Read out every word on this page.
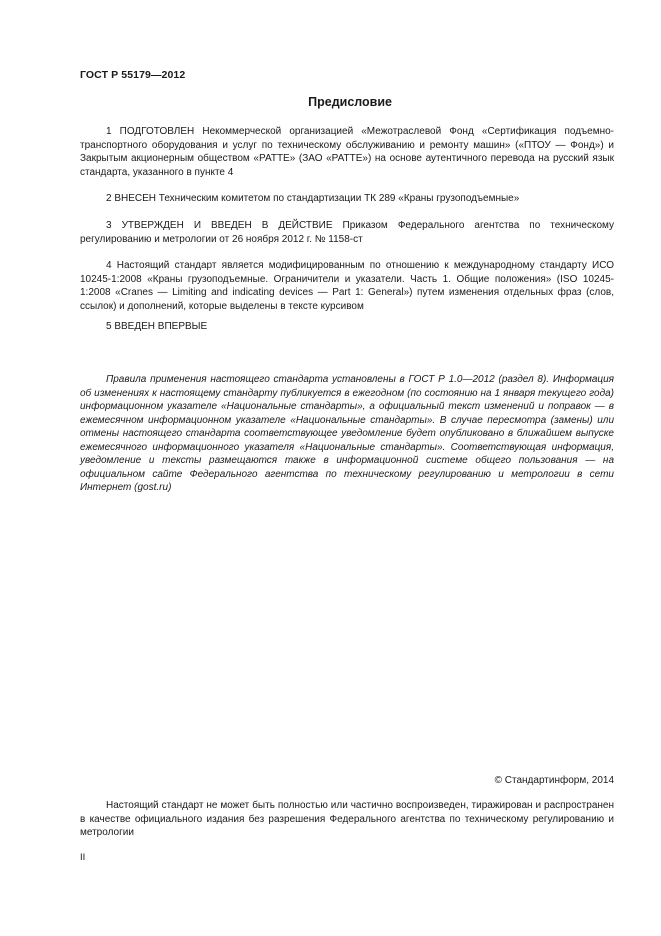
ГОСТ Р 55179—2012
Предисловие

1 ПОДГОТОВЛЕН Некоммерческой организацией «Межотраслевой Фонд «Сертификация подъемно-транспортного оборудования и услуг по техническому обслуживанию и ремонту машин» («ПТОУ — Фонд») и Закрытым акционерным обществом «РАТТЕ» (ЗАО «РАТТЕ») на основе аутентичного перевода на русский язык стандарта, указанного в пункте 4

2 ВНЕСЕН Техническим комитетом по стандартизации ТК 289 «Краны грузоподъемные»

3 УТВЕРЖДЕН И ВВЕДЕН В ДЕЙСТВИЕ Приказом Федерального агентства по техническому регулированию и метрологии от 26 ноября 2012 г. № 1158-ст

4 Настоящий стандарт является модифицированным по отношению к международному стандарту ИСО 10245-1:2008 «Краны грузоподъемные. Ограничители и указатели. Часть 1. Общие положения» (ISO 10245-1:2008 «Cranes — Limiting and indicating devices — Part 1: General») путем изменения отдельных фраз (слов, ссылок) и дополнений, которые выделены в тексте курсивом

5 ВВЕДЕН ВПЕРВЫЕ

Правила применения настоящего стандарта установлены в ГОСТ Р 1.0—2012 (раздел 8). Информация об изменениях к настоящему стандарту публикуется в ежегодном (по состоянию на 1 января текущего года) информационном указателе «Национальные стандарты», а официальный текст изменений и поправок — в ежемесячном информационном указателе «Национальные стандарты». В случае пересмотра (замены) или отмены настоящего стандарта соответствующее уведомление будет опубликовано в ближайшем выпуске ежемесячного информационного указателя «Национальные стандарты». Соответствующая информация, уведомление и тексты размещаются также в информационной системе общего пользования — на официальном сайте Федерального агентства по техническому регулированию и метрологии в сети Интернет (gost.ru)

© Стандартинформ, 2014

Настоящий стандарт не может быть полностью или частично воспроизведен, тиражирован и распространен в качестве официального издания без разрешения Федерального агентства по техническому регулированию и метрологии

II
